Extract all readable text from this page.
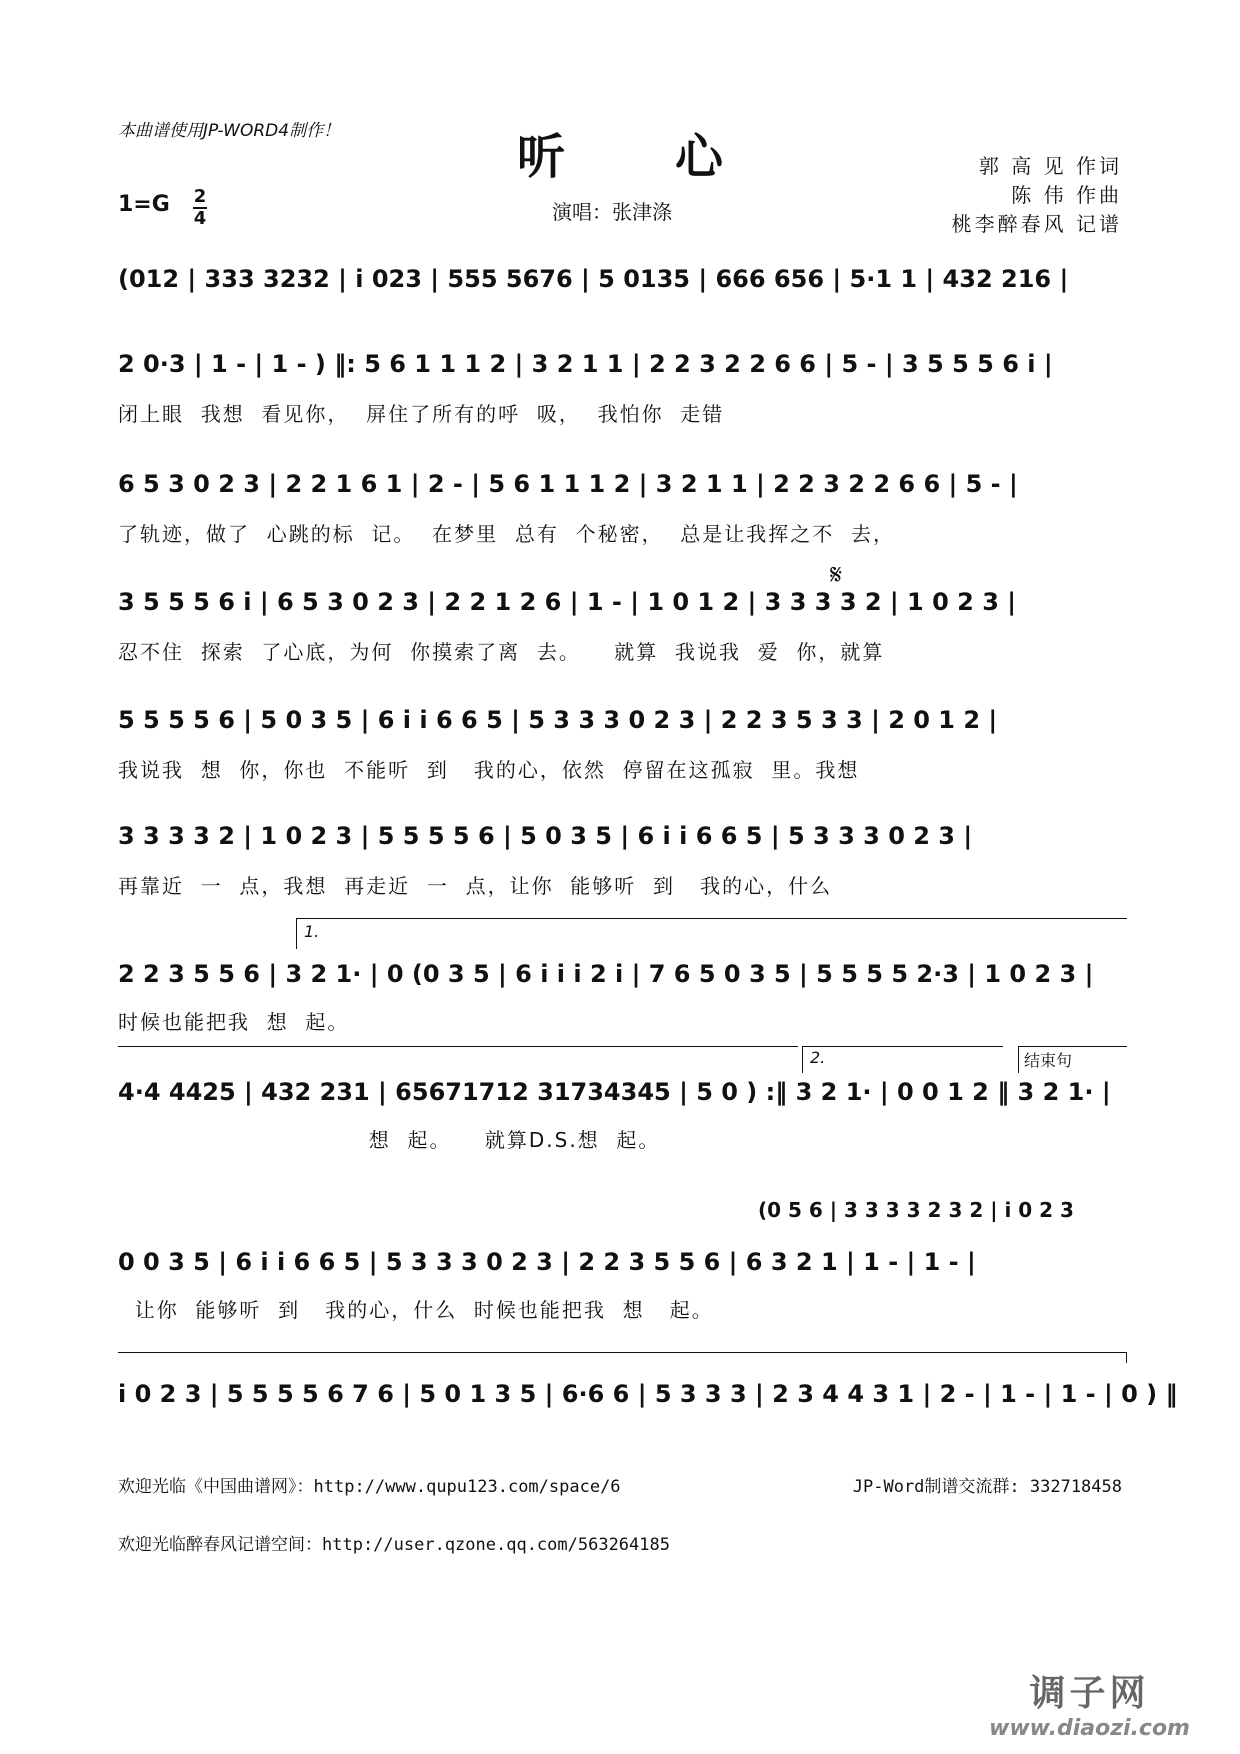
本曲谱使用JP-WORD4制作！	听心	郭 高 见 作词
陈 伟 作曲
桃李醉春风 记谱
1=G 2
4	演唱：张津涤
(012 | 333 3232 | i 023 | 555 5676 | 5 0135 | 666 656 | 5·1 1 | 432 216 |
2 0·3 | 1 - | 1 - ) ‖: 5 6 1 1 1 2 | 3 2 1 1 | 2 2 3 2 2 6 6 | 5 - | 3 5 5 5 6 i |
闭上眼  我想  看见你，  屏住了所有的呼  吸，  我怕你  走错
6 5 3 0 2 3 | 2 2 1 6 1 | 2 - | 5 6 1 1 1 2 | 3 2 1 1 | 2 2 3 2 2 6 6 | 5 - |
了轨迹，做了  心跳的标  记。  在梦里  总有  个秘密，  总是让我挥之不  去，
𝄋
3 5 5 5 6 i | 6 5 3 0 2 3 | 2 2 1 2 6 | 1 - | 1 0 1 2 | 3 3 3 3 2 | 1 0 2 3 |
忍不住  探索  了心底，为何  你摸索了离  去。    就算  我说我  爱  你，就算
5 5 5 5 6 | 5 0 3 5 | 6 i i 6 6 5 | 5 3 3 3 0 2 3 | 2 2 3 5 3 3 | 2 0 1 2 |
我说我  想  你，你也  不能听  到   我的心，依然  停留在这孤寂  里。我想
3 3 3 3 2 | 1 0 2 3 | 5 5 5 5 6 | 5 0 3 5 | 6 i i 6 6 5 | 5 3 3 3 0 2 3 |
再靠近  一  点，我想  再走近  一  点，让你  能够听  到   我的心，什么
1.
2 2 3 5 5 6 | 3 2 1· | 0 (0 3 5 | 6 i i i 2 i | 7 6 5 0 3 5 | 5 5 5 5 2·3 | 1 0 2 3 |
时候也能把我  想  起。
2.	结束句
4·4 4425 | 432 231 | 65671712 31734345 | 5 0 ) :‖ 3 2 1· | 0 0 1 2 ‖ 3 2 1· |
想  起。    就算D.S.想  起。
(0 5 6 | 3 3 3 3 2 3 2 | i 0 2 3
0 0 3 5 | 6 i i 6 6 5 | 5 3 3 3 0 2 3 | 2 2 3 5 5 6 | 6 3 2 1 | 1 - | 1 - |
让你  能够听  到   我的心，什么  时候也能把我  想   起。
i 0 2 3 | 5 5 5 5 6 7 6 | 5 0 1 3 5 | 6·6 6 | 5 3 3 3 | 2 3 4 4 3 1 | 2 - | 1 - | 1 - | 0 ) ‖
欢迎光临《中国曲谱网》：http://www.qupu123.com/space/6	JP-Word制谱交流群: 332718458
欢迎光临醉春风记谱空间：http://user.qzone.qq.com/563264185
调子网
www.diaozi.com
